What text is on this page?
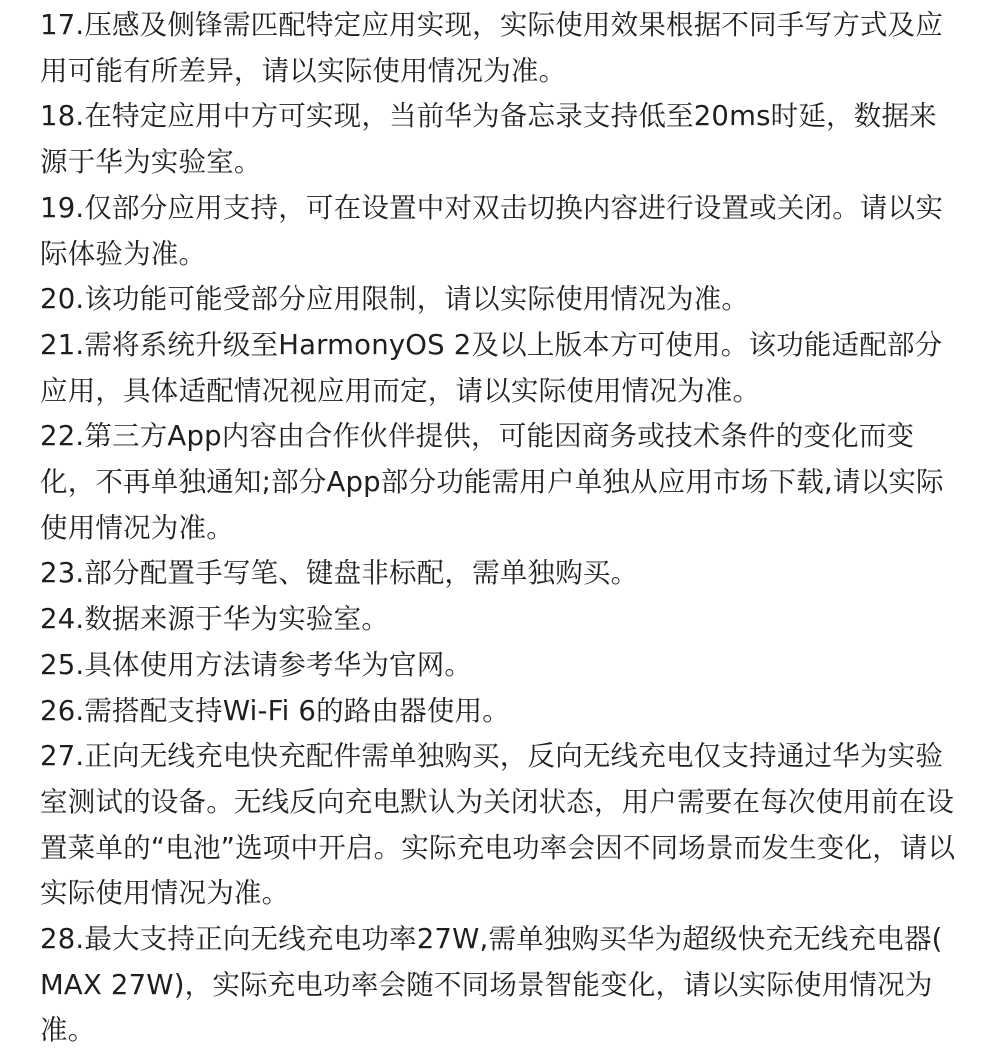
17.压感及侧锋需匹配特定应用实现，实际使用效果根据不同手写方式及应用可能有所差异，请以实际使用情况为准。
18.在特定应用中方可实现，当前华为备忘录支持低至20ms时延，数据来源于华为实验室。
19.仅部分应用支持，可在设置中对双击切换内容进行设置或关闭。请以实际体验为准。
20.该功能可能受部分应用限制，请以实际使用情况为准。
21.需将系统升级至HarmonyOS 2及以上版本方可使用。该功能适配部分应用，具体适配情况视应用而定，请以实际使用情况为准。
22.第三方App内容由合作伙伴提供，可能因商务或技术条件的变化而变化，不再单独通知;部分App部分功能需用户单独从应用市场下载,请以实际使用情况为准。
23.部分配置手写笔、键盘非标配，需单独购买。
24.数据来源于华为实验室。
25.具体使用方法请参考华为官网。
26.需搭配支持Wi-Fi 6的路由器使用。
27.正向无线充电快充配件需单独购买，反向无线充电仅支持通过华为实验室测试的设备。无线反向充电默认为关闭状态，用户需要在每次使用前在设置菜单的“电池”选项中开启。实际充电功率会因不同场景而发生变化，请以实际使用情况为准。
28.最大支持正向无线充电功率27W,需单独购买华为超级快充无线充电器( MAX 27W)，实际充电功率会随不同场景智能变化，请以实际使用情况为准。
